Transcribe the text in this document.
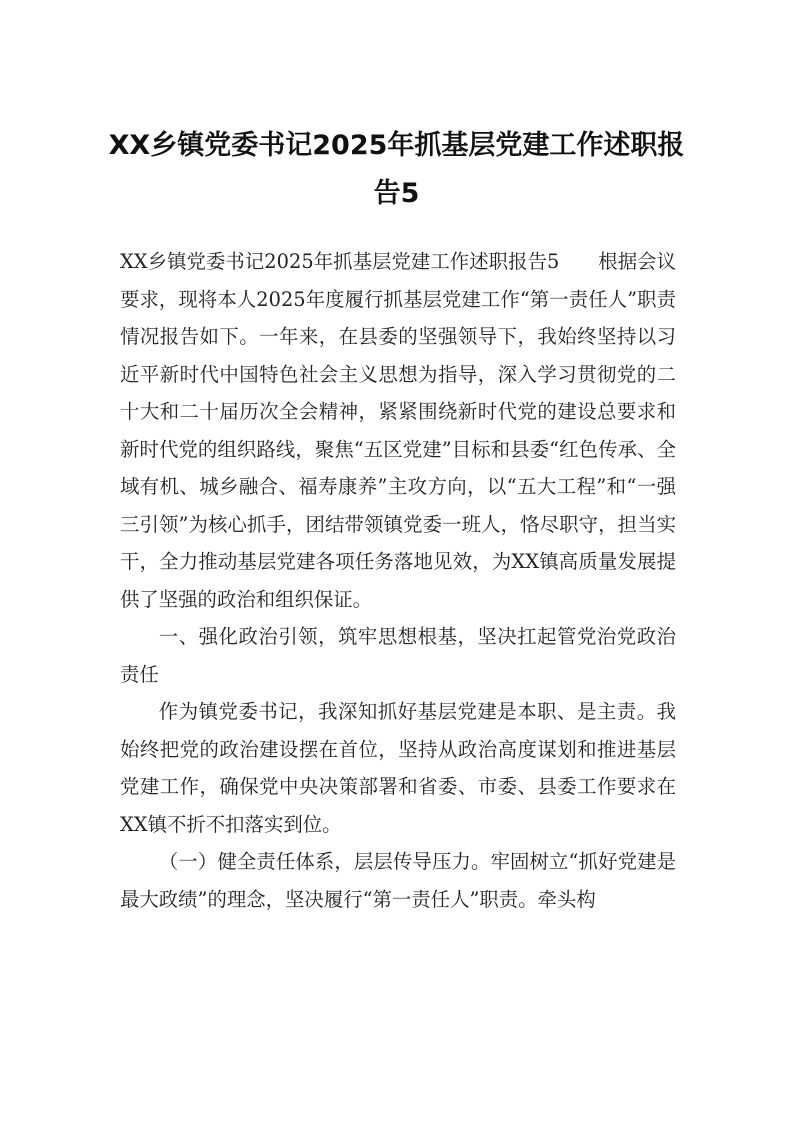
XX乡镇党委书记2025年抓基层党建工作述职报告5

XX乡镇党委书记2025年抓基层党建工作述职报告5　　根据会议要求，现将本人2025年度履行抓基层党建工作“第一责任人”职责情况报告如下。一年来，在县委的坚强领导下，我始终坚持以习近平新时代中国特色社会主义思想为指导，深入学习贯彻党的二十大和二十届历次全会精神，紧紧围绕新时代党的建设总要求和新时代党的组织路线，聚焦“五区党建”目标和县委“红色传承、全域有机、城乡融合、福寿康养”主攻方向，以“五大工程”和“一强三引领”为核心抓手，团结带领镇党委一班人，恪尽职守，担当实干，全力推动基层党建各项任务落地见效，为XX镇高质量发展提供了坚强的政治和组织保证。

一、强化政治引领，筑牢思想根基，坚决扛起管党治党政治责任

作为镇党委书记，我深知抓好基层党建是本职、是主责。我始终把党的政治建设摆在首位，坚持从政治高度谋划和推进基层党建工作，确保党中央决策部署和省委、市委、县委工作要求在XX镇不折不扣落实到位。

（一）健全责任体系，层层传导压力。牢固树立“抓好党建是最大政绩”的理念，坚决履行“第一责任人”职责。牵头构
